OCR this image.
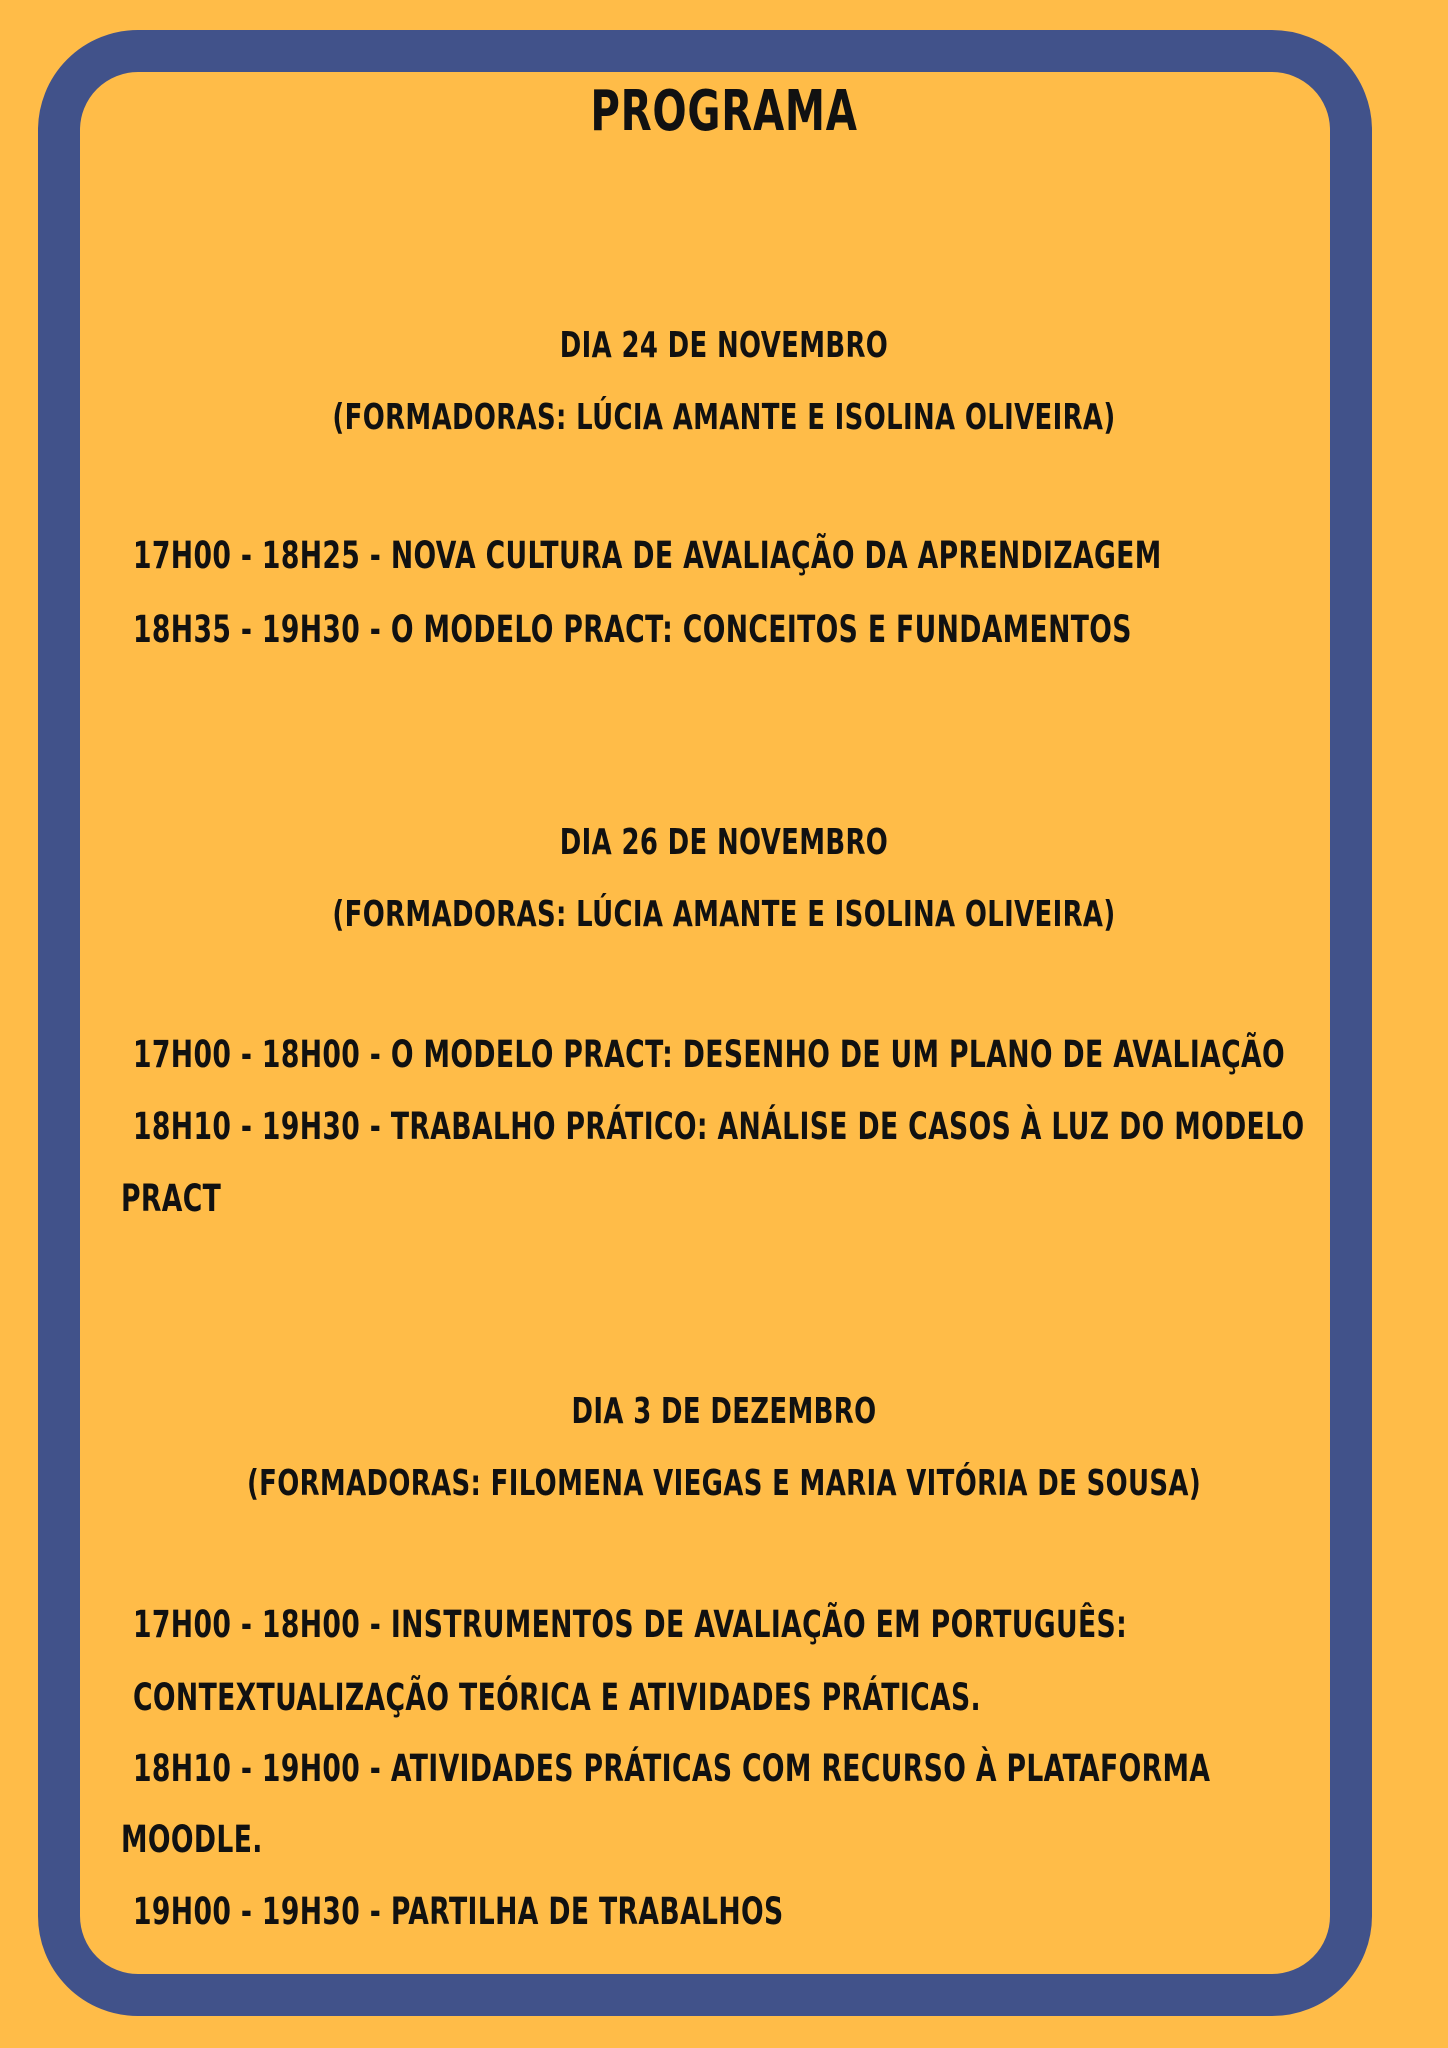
PROGRAMA
DIA 24 DE NOVEMBRO
(FORMADORAS: LÚCIA AMANTE E ISOLINA OLIVEIRA)
17H00 - 18H25 - NOVA CULTURA DE AVALIAÇÃO DA APRENDIZAGEM
18H35 - 19H30 - O MODELO PRACT: CONCEITOS E FUNDAMENTOS
DIA 26 DE NOVEMBRO
(FORMADORAS: LÚCIA AMANTE E ISOLINA OLIVEIRA)
17H00 - 18H00 - O MODELO PRACT: DESENHO DE UM PLANO DE AVALIAÇÃO
18H10 - 19H30 - TRABALHO PRÁTICO: ANÁLISE DE CASOS À LUZ DO MODELO
PRACT
DIA 3 DE DEZEMBRO
(FORMADORAS: FILOMENA VIEGAS E MARIA VITÓRIA DE SOUSA)
17H00 - 18H00 - INSTRUMENTOS DE AVALIAÇÃO EM PORTUGUÊS:
CONTEXTUALIZAÇÃO TEÓRICA E ATIVIDADES PRÁTICAS.
18H10 - 19H00 - ATIVIDADES PRÁTICAS COM RECURSO À PLATAFORMA
MOODLE.
19H00 - 19H30 - PARTILHA DE TRABALHOS
